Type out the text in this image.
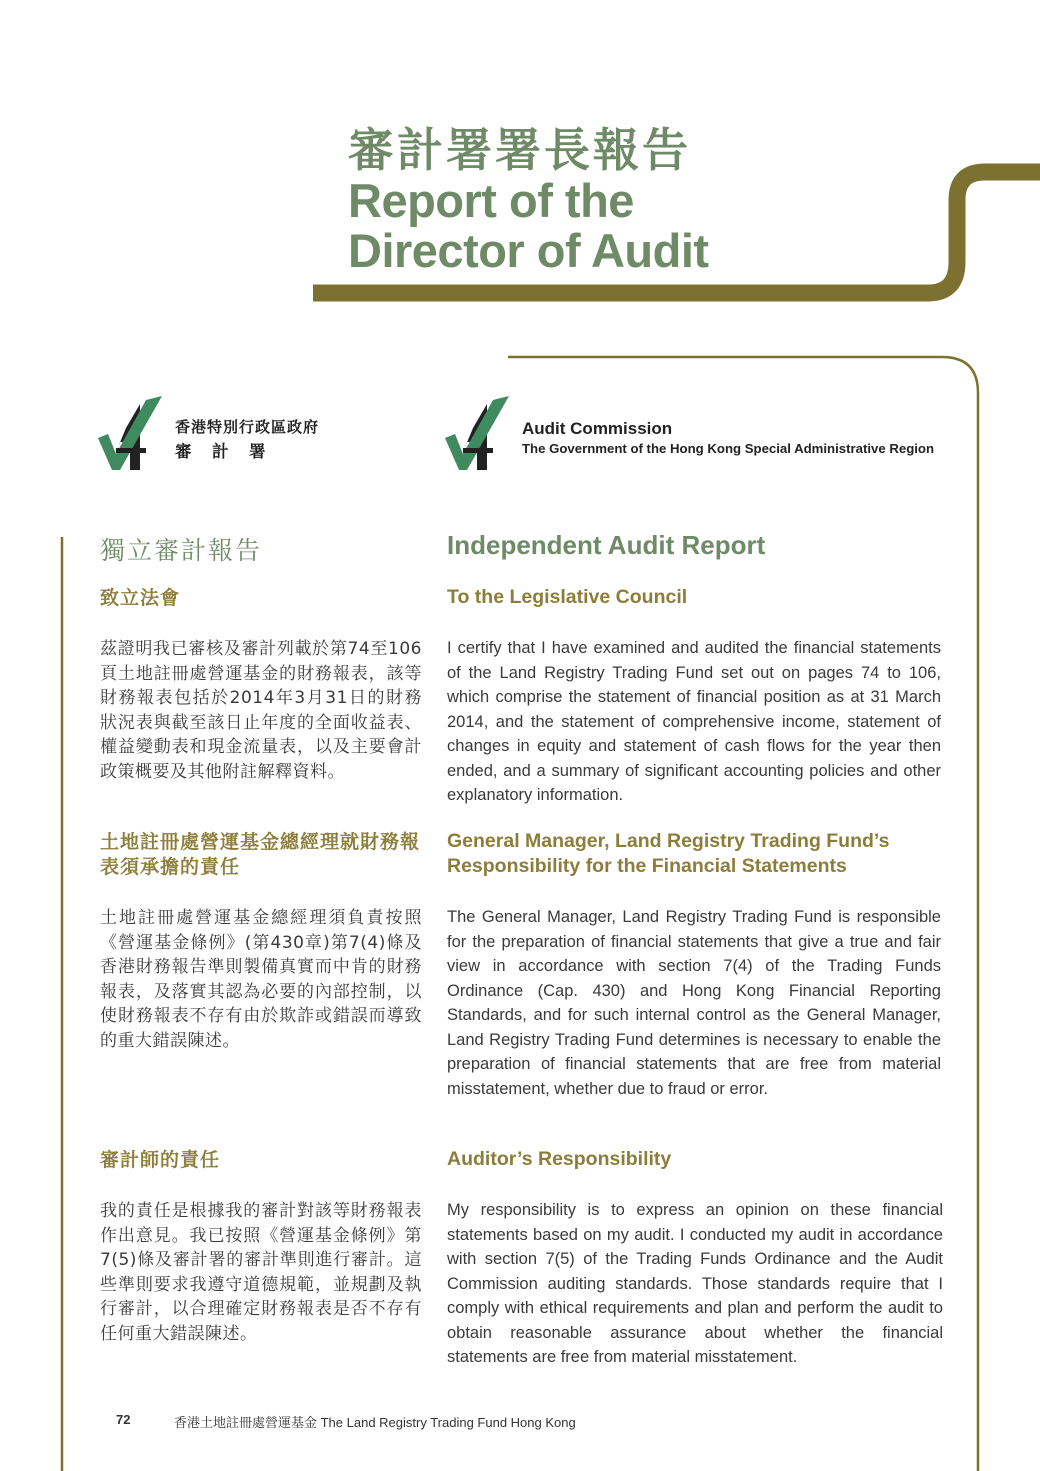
審計署署長報告
Report of the
Director of Audit
香港特別行政區政府
審 計 署
Audit Commission
The Government of the Hong Kong Special Administrative Region
獨立審計報告	Independent Audit Report
致立法會	To the Legislative Council
茲證明我已審核及審計列載於第74至106頁土地註冊處營運基金的財務報表，該等財務報表包括於2014年3月31日的財務狀況表與截至該日止年度的全面收益表、權益變動表和現金流量表，以及主要會計政策概要及其他附註解釋資料。
I certify that I have examined and audited the financial statements of the Land Registry Trading Fund set out on pages 74 to 106, which comprise the statement of financial position as at 31 March 2014, and the statement of comprehensive income, statement of changes in equity and statement of cash flows for the year then ended, and a summary of significant accounting policies and other explanatory information.
土地註冊處營運基金總經理就財務報表須承擔的責任
General Manager, Land Registry Trading Fund’s Responsibility for the Financial Statements
土地註冊處營運基金總經理須負責按照《營運基金條例》(第430章)第7(4)條及香港財務報告準則製備真實而中肯的財務報表，及落實其認為必要的內部控制，以使財務報表不存有由於欺詐或錯誤而導致的重大錯誤陳述。
The General Manager, Land Registry Trading Fund is responsible for the preparation of financial statements that give a true and fair view in accordance with section 7(4) of the Trading Funds Ordinance (Cap. 430) and Hong Kong Financial Reporting Standards, and for such internal control as the General Manager, Land Registry Trading Fund determines is necessary to enable the preparation of financial statements that are free from material misstatement, whether due to fraud or error.
審計師的責任	Auditor’s Responsibility
我的責任是根據我的審計對該等財務報表作出意見。我已按照《營運基金條例》第7(5)條及審計署的審計準則進行審計。這些準則要求我遵守道德規範，並規劃及執行審計，以合理確定財務報表是否不存有任何重大錯誤陳述。
My responsibility is to express an opinion on these financial statements based on my audit. I conducted my audit in accordance with section 7(5) of the Trading Funds Ordinance and the Audit Commission auditing standards. Those standards require that I comply with ethical requirements and plan and perform the audit to obtain reasonable assurance about whether the financial statements are free from material misstatement.
72	香港土地註冊處營運基金 The Land Registry Trading Fund Hong Kong
